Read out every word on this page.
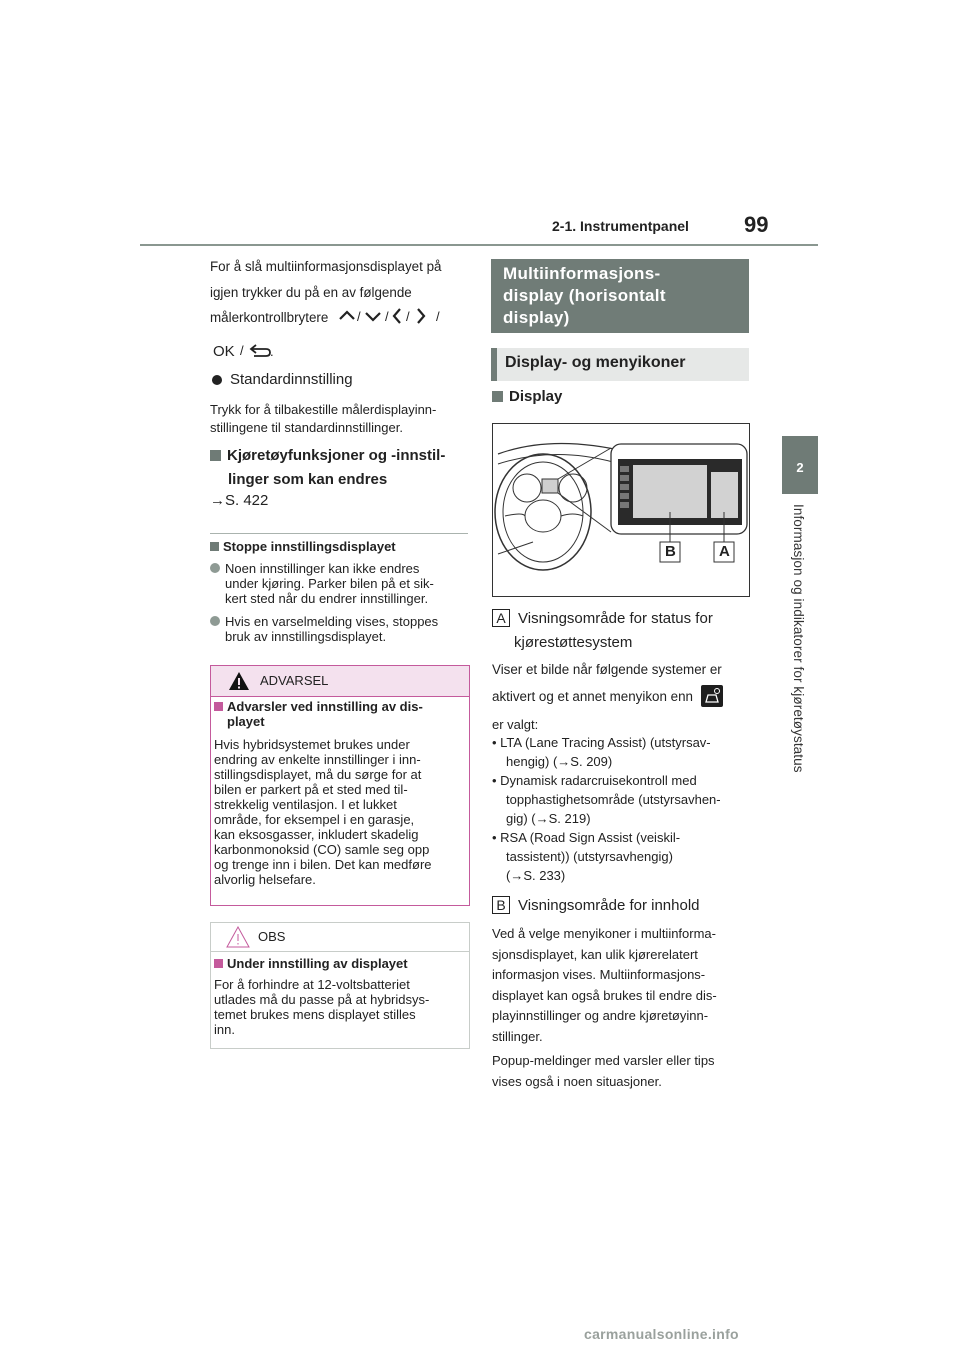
2-1. Instrumentpanel	99
2
Informasjon og indikatorer for kjøretøystatus
For å slå multiinformasjonsdisplayet på
igjen trykker du på en av følgende
målerkontrollbrytere / / / /
OK / .
Standardinnstilling
Trykk for å tilbakestille målerdisplayinn-
stillingene til standardinnstillinger.
Kjøretøyfunksjoner og -innstil-
linger som kan endres
→S. 422
Stoppe innstillingsdisplayet
Noen innstillinger kan ikke endres
under kjøring. Parker bilen på et sik-
kert sted når du endrer innstillinger.
Hvis en varselmelding vises, stoppes
bruk av innstillingsdisplayet.
ADVARSEL
Advarsler ved innstilling av dis-
playet
Hvis hybridsystemet brukes under
endring av enkelte innstillinger i inn-
stillingsdisplayet, må du sørge for at
bilen er parkert på et sted med til-
strekkelig ventilasjon. I et lukket
område, for eksempel i en garasje,
kan eksosgasser, inkludert skadelig
karbonmonoksid (CO) samle seg opp
og trenge inn i bilen. Det kan medføre
alvorlig helsefare.
OBS
Under innstilling av displayet
For å forhindre at 12-voltsbatteriet
utlades må du passe på at hybridsys-
temet brukes mens displayet stilles
inn.
Multiinformasjons-
display (horisontalt
display)
Display- og menyikoner
Display
B	A
A Visningsområde for status for
kjørestøttesystem
Viser et bilde når følgende systemer er
aktivert og et annet menyikon enn
er valgt:
• LTA (Lane Tracing Assist) (utstyrsav-
hengig) (→S. 209)
• Dynamisk radarcruisekontroll med
topphastighetsområde (utstyrsavhen-
gig) (→S. 219)
• RSA (Road Sign Assist (veiskil-
tassistent)) (utstyrsavhengig)
(→S. 233)
B Visningsområde for innhold
Ved å velge menyikoner i multiinforma-
sjonsdisplayet, kan ulik kjørerelatert
informasjon vises. Multiinformasjons-
displayet kan også brukes til endre dis-
playinnstillinger og andre kjøretøyinn-
stillinger.
Popup-meldinger med varsler eller tips
vises også i noen situasjoner.
carmanualsonline.info
